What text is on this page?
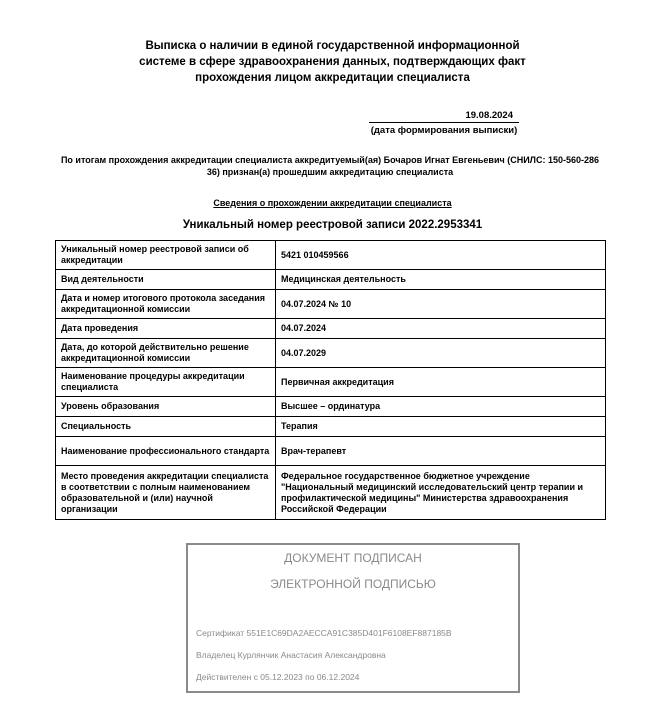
Выписка о наличии в единой государственной информационной
системе в сфере здравоохранения данных, подтверждающих факт
прохождения лицом аккредитации специалиста
19.08.2024
(дата формирования выписки)
По итогам прохождения аккредитации специалиста аккредитуемый(ая) Бочаров Игнат Евгеньевич (СНИЛС: 150-560-286
36) признан(а) прошедшим аккредитацию специалиста
Сведения о прохождении аккредитации специалиста
Уникальный номер реестровой записи 2022.2953341
Уникальный номер реестровой записи об аккредитации	5421 010459566
Вид деятельности	Медицинская деятельность
Дата и номер итогового протокола заседания аккредитационной комиссии	04.07.2024 № 10
Дата проведения	04.07.2024
Дата, до которой действительно решение аккредитационной комиссии	04.07.2029
Наименование процедуры аккредитации специалиста	Первичная аккредитация
Уровень образования	Высшее – ординатура
Специальность	Терапия
Наименование профессионального стандарта	Врач-терапевт
Место проведения аккредитации специалиста в соответствии с полным наименованием образовательной и (или) научной организации	Федеральное государственное бюджетное учреждение "Национальный медицинский исследовательский центр терапии и профилактической медицины" Министерства здравоохранения Российской Федерации
ДОКУМЕНТ ПОДПИСАН
ЭЛЕКТРОННОЙ ПОДПИСЬЮ
Сертификат 551E1C69DA2AECCA91C385D401F6108EF887185B
Владелец Курлянчик Анастасия Александровна
Действителен с 05.12.2023 по 06.12.2024
